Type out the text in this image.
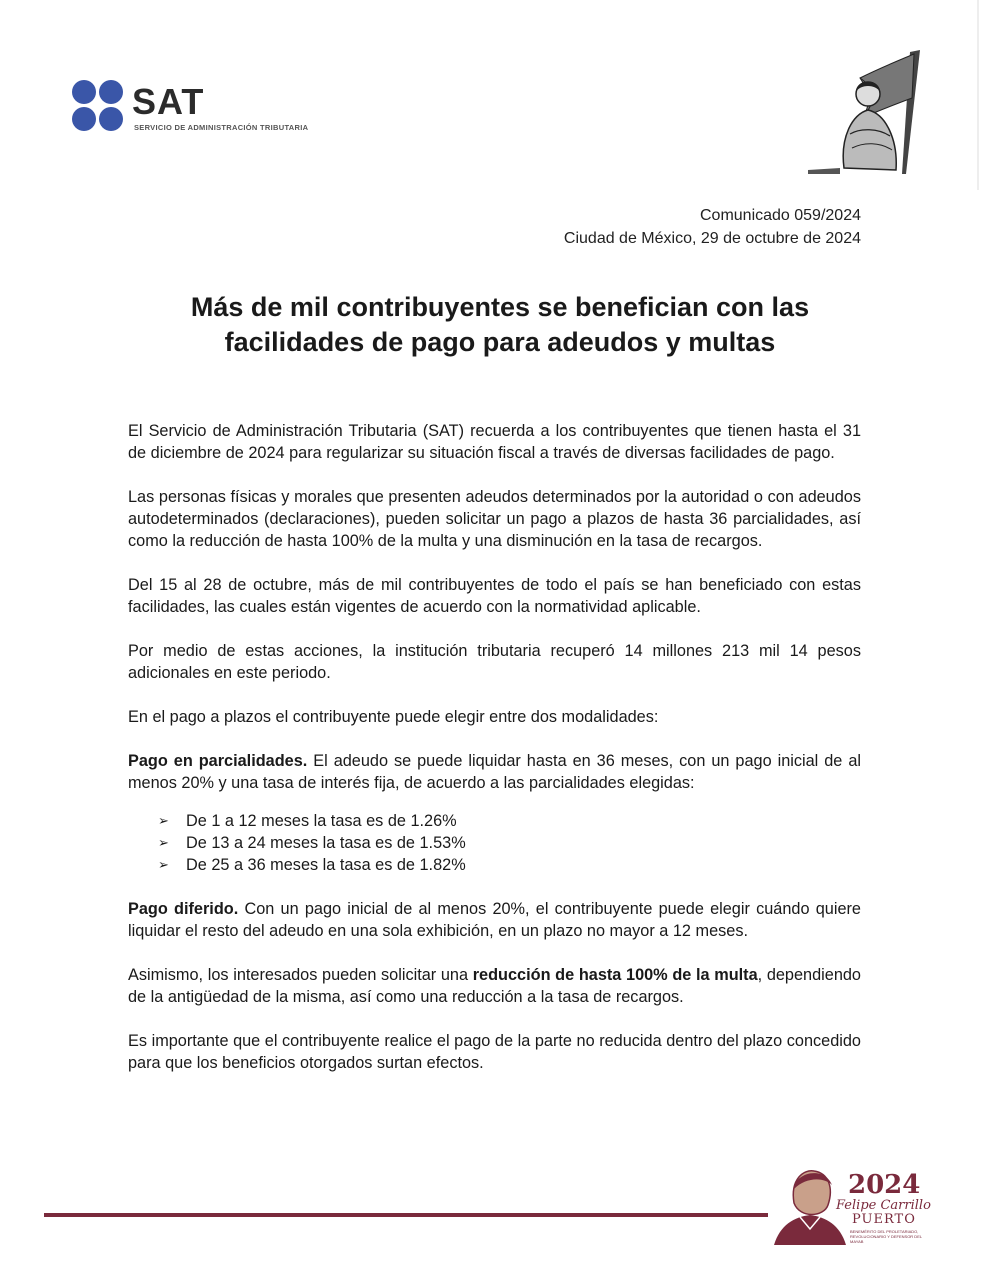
SAT
SERVICIO DE ADMINISTRACIÓN TRIBUTARIA
Comunicado 059/2024
Ciudad de México, 29 de octubre de 2024
Más de mil contribuyentes se benefician con las
facilidades de pago para adeudos y multas

El Servicio de Administración Tributaria (SAT) recuerda a los contribuyentes que tienen hasta el 31 de diciembre de 2024 para regularizar su situación fiscal a través de diversas facilidades de pago.

Las personas físicas y morales que presenten adeudos determinados por la autoridad o con adeudos autodeterminados (declaraciones), pueden solicitar un pago a plazos de hasta 36 parcialidades, así como la reducción de hasta 100% de la multa y una disminución en la tasa de recargos.

Del 15 al 28 de octubre, más de mil contribuyentes de todo el país se han beneficiado con estas facilidades, las cuales están vigentes de acuerdo con la normatividad aplicable.

Por medio de estas acciones, la institución tributaria recuperó 14 millones 213 mil 14 pesos adicionales en este periodo.

En el pago a plazos el contribuyente puede elegir entre dos modalidades:

Pago en parcialidades. El adeudo se puede liquidar hasta en 36 meses, con un pago inicial de al menos 20% y una tasa de interés fija, de acuerdo a las parcialidades elegidas:

➢ De 1 a 12 meses la tasa es de 1.26%
➢ De 13 a 24 meses la tasa es de 1.53%
➢ De 25 a 36 meses la tasa es de 1.82%

Pago diferido. Con un pago inicial de al menos 20%, el contribuyente puede elegir cuándo quiere liquidar el resto del adeudo en una sola exhibición, en un plazo no mayor a 12 meses.

Asimismo, los interesados pueden solicitar una reducción de hasta 100% de la multa, dependiendo de la antigüedad de la misma, así como una reducción a la tasa de recargos.

Es importante que el contribuyente realice el pago de la parte no reducida dentro del plazo concedido para que los beneficios otorgados surtan efectos.

2024
Felipe Carrillo
PUERTO
BENEMÉRITO DEL PROLETARIADO, REVOLUCIONARIO Y DEFENSOR DEL MAYAB
